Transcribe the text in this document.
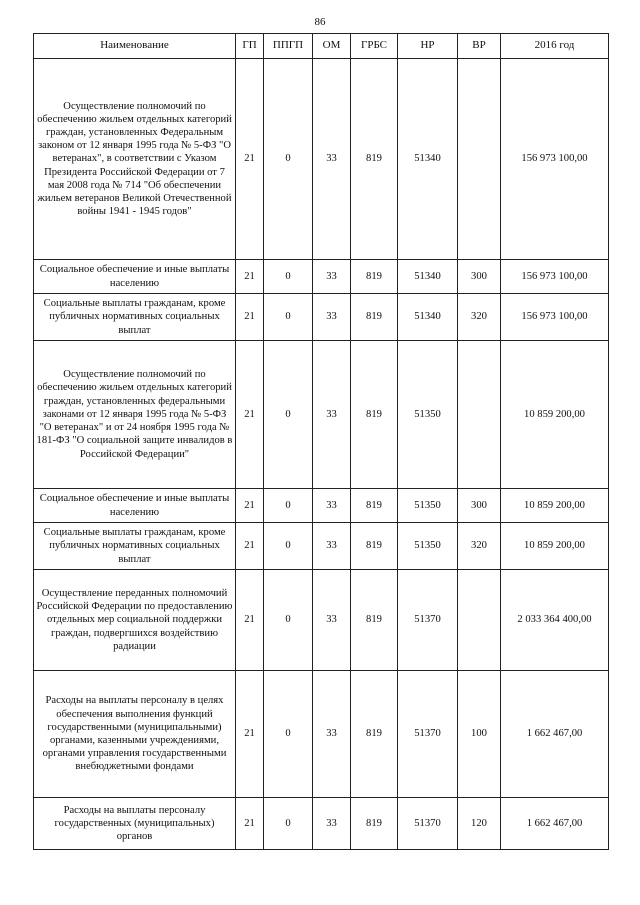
86
Наименование	ГП	ППГП	ОМ	ГРБС	НР	ВР	2016 год
Осуществление полномочий по обеспечению жильем отдельных категорий граждан, установленных Федеральным законом от 12 января 1995 года № 5-ФЗ "О ветеранах", в соответствии с Указом Президента Российской Федерации от 7 мая 2008 года № 714 "Об обеспечении жильем ветеранов Великой Отечественной войны 1941 - 1945 годов"	21	0	33	819	51340		156 973 100,00
Социальное обеспечение и иные выплаты населению	21	0	33	819	51340	300	156 973 100,00
Социальные выплаты гражданам, кроме публичных нормативных социальных выплат	21	0	33	819	51340	320	156 973 100,00
Осуществление полномочий по обеспечению жильем отдельных категорий граждан, установленных федеральными законами от 12 января 1995 года № 5-ФЗ "О ветеранах" и от 24 ноября 1995 года № 181-ФЗ "О социальной защите инвалидов в Российской Федерации"	21	0	33	819	51350		10 859 200,00
Социальное обеспечение и иные выплаты населению	21	0	33	819	51350	300	10 859 200,00
Социальные выплаты гражданам, кроме публичных нормативных социальных выплат	21	0	33	819	51350	320	10 859 200,00
Осуществление переданных полномочий Российской Федерации по предоставлению отдельных мер социальной поддержки граждан, подвергшихся воздействию радиации	21	0	33	819	51370		2 033 364 400,00
Расходы на выплаты персоналу в целях обеспечения выполнения функций государственными (муниципальными) органами, казенными учреждениями, органами управления государственными внебюджетными фондами	21	0	33	819	51370	100	1 662 467,00
Расходы на выплаты персоналу государственных (муниципальных) органов	21	0	33	819	51370	120	1 662 467,00
